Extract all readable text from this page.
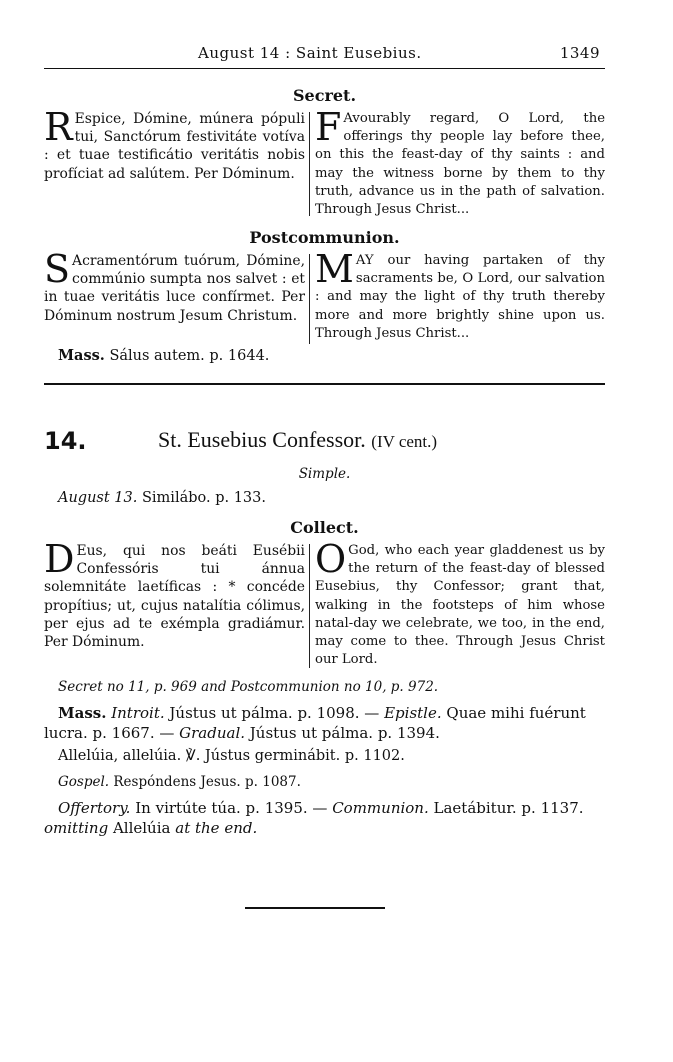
August 14 : Saint Eusebius.	1349
Secret.
R Espice, Dómine, múnera pópuli tui, Sanctórum festivitáte votíva : et tuae testificátio veritátis nobis profíciat ad salútem. Per Dóminum.
F Avourably regard, O Lord, the offerings thy people lay before thee, on this the feast-day of thy saints : and may the witness borne by them to thy truth, advance us in the path of salvation. Through Jesus Christ...
Postcommunion.
S Acramentórum tuórum, Dómine, commúnio sumpta nos salvet : et in tuae veritátis luce confírmet. Per Dóminum nostrum Jesum Christum.
MAY our having partaken of thy sacraments be, O Lord, our salvation : and may the light of thy truth thereby more and more brightly shine upon us. Through Jesus Christ...
Mass. Sálus autem. p. 1644.
14.	St. Eusebius Confessor. (IV cent.)
Simple.
August 13. Similábo. p. 133.
Collect.
D Eus, qui nos beáti Eusébii Confessóris tui ánnua solemnitáte laetíficas : * concéde propítius; ut, cujus natalítia cólimus, per ejus ad te exémpla gradiámur. Per Dóminum.
O God, who each year gladdenest us by the return of the feast-day of blessed Eusebius, thy Confessor; grant that, walking in the footsteps of him whose natal-day we celebrate, we too, in the end, may come to thee. Through Jesus Christ our Lord.
Secret no 11, p. 969 and Postcommunion no 10, p. 972.
Mass. Introit. Jústus ut pálma. p. 1098. — Epistle. Quae mihi fuérunt lucra. p. 1667. — Gradual. Jústus ut pálma. p. 1394.
Allelúia, allelúia. ℣. Jústus germinábit. p. 1102.
Gospel. Respóndens Jesus. p. 1087.
Offertory. In virtúte túa. p. 1395. — Communion. Laetábitur. p. 1137. omitting Allelúia at the end.
